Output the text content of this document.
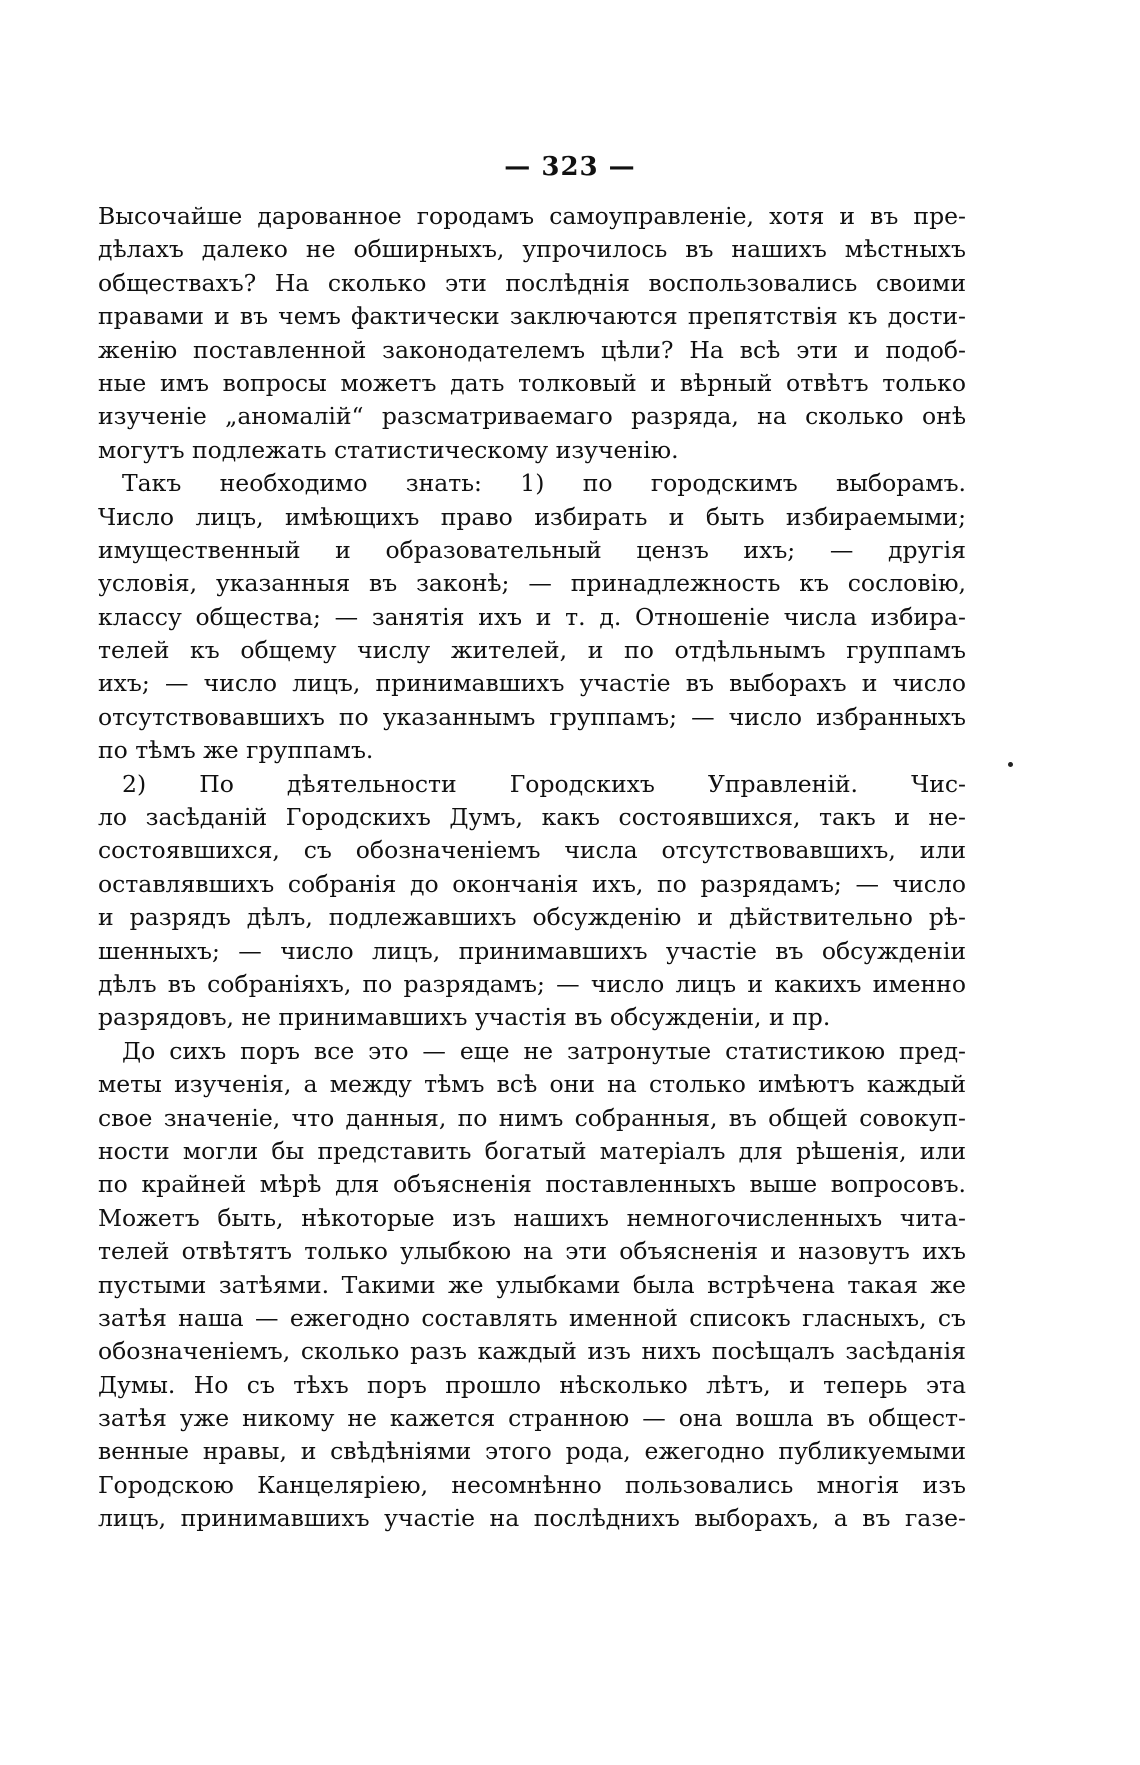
— 323 —
Высочайше дарованное городамъ самоуправленіе, хотя и въ пре-
дѣлахъ далеко не обширныхъ, упрочилось въ нашихъ мѣстныхъ
обществахъ? На сколько эти послѣднія воспользовались своими
правами и въ чемъ фактически заключаются препятствія къ дости-
женію поставленной законодателемъ цѣли? На всѣ эти и подоб-
ные имъ вопросы можетъ дать толковый и вѣрный отвѣтъ только
изученіе „аномалій“ разсматриваемаго разряда, на сколько онѣ
могутъ подлежать статистическому изученію.
Такъ необходимо знать: 1) по городскимъ выборамъ.
Число лицъ, имѣющихъ право избирать и быть избираемыми;
имущественный и образовательный цензъ ихъ; — другія
условія, указанныя въ законѣ; — принадлежность къ сословію,
классу общества; — занятія ихъ и т. д. Отношеніе числа избира-
телей къ общему числу жителей, и по отдѣльнымъ группамъ
ихъ; — число лицъ, принимавшихъ участіе въ выборахъ и число
отсутствовавшихъ по указаннымъ группамъ; — число избранныхъ
по тѣмъ же группамъ.
2) По дѣятельности Городскихъ Управленій. Чис-
ло засѣданій Городскихъ Думъ, какъ состоявшихся, такъ и не-
состоявшихся, съ обозначеніемъ числа отсутствовавшихъ, или
оставлявшихъ собранія до окончанія ихъ, по разрядамъ; — число
и разрядъ дѣлъ, подлежавшихъ обсужденію и дѣйствительно рѣ-
шенныхъ; — число лицъ, принимавшихъ участіе въ обсужденіи
дѣлъ въ собраніяхъ, по разрядамъ; — число лицъ и какихъ именно
разрядовъ, не принимавшихъ участія въ обсужденіи, и пр.
До сихъ поръ все это — еще не затронутые статистикою пред-
меты изученія, а между тѣмъ всѣ они на столько имѣютъ каждый
свое значеніе, что данныя, по нимъ собранныя, въ общей совокуп-
ности могли бы представить богатый матеріалъ для рѣшенія, или
по крайней мѣрѣ для объясненія поставленныхъ выше вопросовъ.
Можетъ быть, нѣкоторые изъ нашихъ немногочисленныхъ чита-
телей отвѣтятъ только улыбкою на эти объясненія и назовутъ ихъ
пустыми затѣями. Такими же улыбками была встрѣчена такая же
затѣя наша — ежегодно составлять именной списокъ гласныхъ, съ
обозначеніемъ, сколько разъ каждый изъ нихъ посѣщалъ засѣданія
Думы. Но съ тѣхъ поръ прошло нѣсколько лѣтъ, и теперь эта
затѣя уже никому не кажется странною — она вошла въ общест-
венные нравы, и свѣдѣніями этого рода, ежегодно публикуемыми
Городскою Канцеляріею, несомнѣнно пользовались многія изъ
лицъ, принимавшихъ участіе на послѣднихъ выборахъ, а въ газе-
